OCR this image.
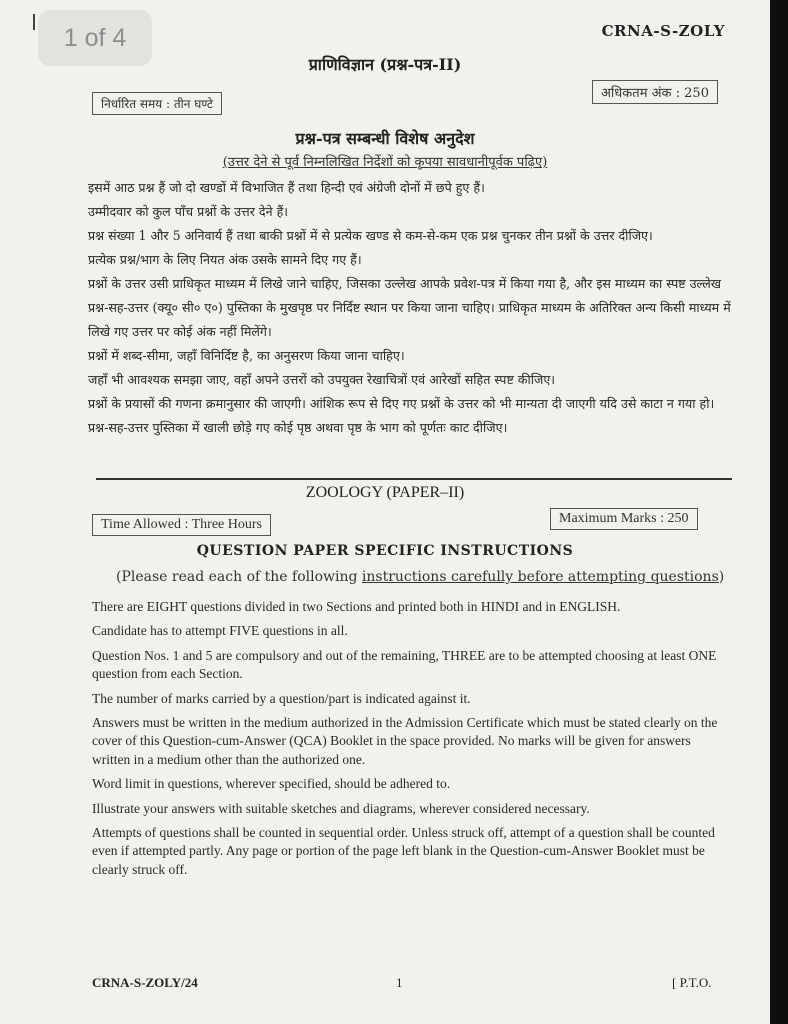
1 of 4	CRNA-S-ZOLY
प्राणिविज्ञान (प्रश्न-पत्र-II)
निर्धारित समय : तीन घण्टे
अधिकतम अंक : 250
प्रश्न-पत्र सम्बन्धी विशेष अनुदेश
(उत्तर देने से पूर्व निम्नलिखित निर्देशों को कृपया सावधानीपूर्वक पढ़िए)

इसमें आठ प्रश्न हैं जो दो खण्डों में विभाजित हैं तथा हिन्दी एवं अंग्रेजी दोनों में छपे हुए हैं।

उम्मीदवार को कुल पाँच प्रश्नों के उत्तर देने हैं।

प्रश्न संख्या 1 और 5 अनिवार्य हैं तथा बाकी प्रश्नों में से प्रत्येक खण्ड से कम-से-कम एक प्रश्न चुनकर तीन प्रश्नों के उत्तर दीजिए।

प्रत्येक प्रश्न/भाग के लिए नियत अंक उसके सामने दिए गए हैं।

प्रश्नों के उत्तर उसी प्राधिकृत माध्यम में लिखे जाने चाहिए, जिसका उल्लेख आपके प्रवेश-पत्र में किया गया है, और इस माध्यम का स्पष्ट उल्लेख प्रश्न-सह-उत्तर (क्यू० सी० ए०) पुस्तिका के मुखपृष्ठ पर निर्दिष्ट स्थान पर किया जाना चाहिए। प्राधिकृत माध्यम के अतिरिक्त अन्य किसी माध्यम में लिखे गए उत्तर पर कोई अंक नहीं मिलेंगे।

प्रश्नों में शब्द-सीमा, जहाँ विनिर्दिष्ट है, का अनुसरण किया जाना चाहिए।

जहाँ भी आवश्यक समझा जाए, वहाँ अपने उत्तरों को उपयुक्त रेखाचित्रों एवं आरेखों सहित स्पष्ट कीजिए।

प्रश्नों के प्रयासों की गणना क्रमानुसार की जाएगी। आंशिक रूप से दिए गए प्रश्नों के उत्तर को भी मान्यता दी जाएगी यदि उसे काटा न गया हो। प्रश्न-सह-उत्तर पुस्तिका में खाली छोड़े गए कोई पृष्ठ अथवा पृष्ठ के भाग को पूर्णतः काट दीजिए।

ZOOLOGY (PAPER–II)
Time Allowed : Three Hours	Maximum Marks : 250
QUESTION PAPER SPECIFIC INSTRUCTIONS
(Please read each of the following instructions carefully before attempting questions)

There are EIGHT questions divided in two Sections and printed both in HINDI and in ENGLISH.

Candidate has to attempt FIVE questions in all.

Question Nos. 1 and 5 are compulsory and out of the remaining, THREE are to be attempted choosing at least ONE question from each Section.

The number of marks carried by a question/part is indicated against it.

Answers must be written in the medium authorized in the Admission Certificate which must be stated clearly on the cover of this Question-cum-Answer (QCA) Booklet in the space provided. No marks will be given for answers written in a medium other than the authorized one.

Word limit in questions, wherever specified, should be adhered to.

Illustrate your answers with suitable sketches and diagrams, wherever considered necessary.

Attempts of questions shall be counted in sequential order. Unless struck off, attempt of a question shall be counted even if attempted partly. Any page or portion of the page left blank in the Question-cum-Answer Booklet must be clearly struck off.

CRNA-S-ZOLY/24	1	[ P.T.O.
